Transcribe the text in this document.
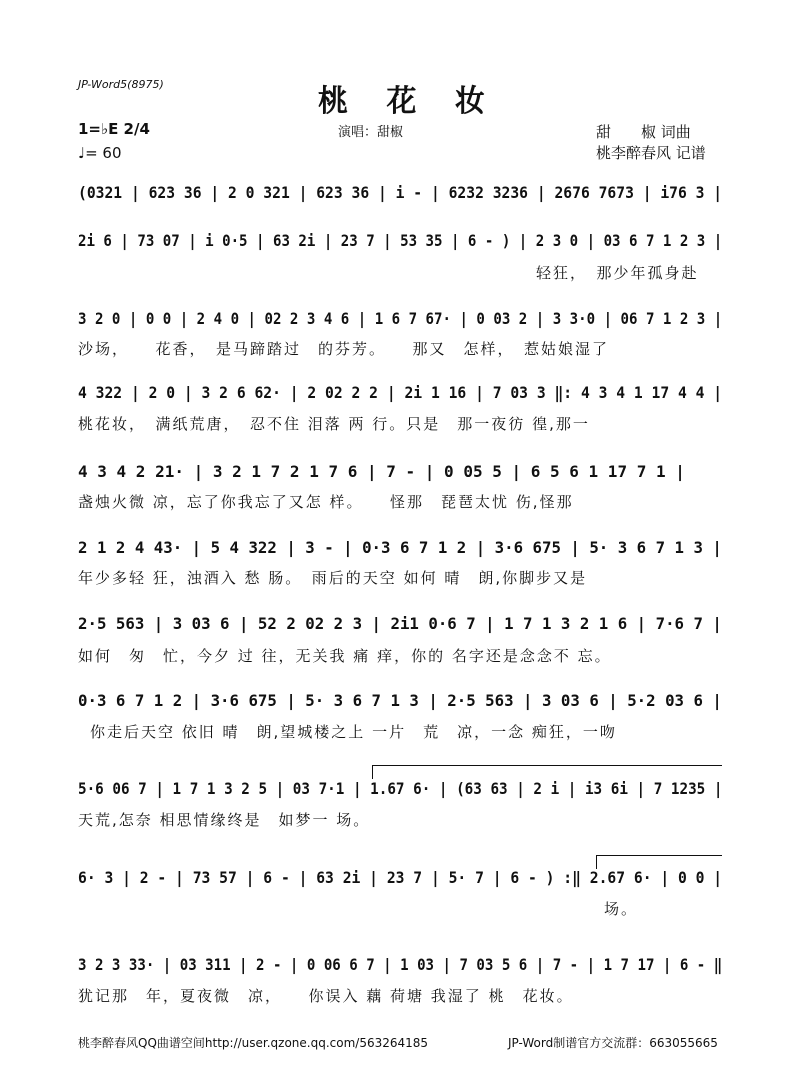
JP-Word5(8975)	桃 花 妆
1=♭E 2/4
♩= 60
演唱：甜椒	甜　　椒 词曲
桃李醉春风 记谱
(0321 | 623 36 | 2 0 321 | 623 36 | i - | 6232 3236 | 2676 7673 | i76 3 |
2i 6 | 73 07 | i 0·5 | 63 2i | 23 7 | 53 35 | 6 - ) | 2 3 0 | 03 6 7 1 2 3 |
轻狂，　那少年孤身赴
3 2 0 | 0 0 | 2 4 0 | 02 2 3 4 6 | 1 6 7 67· | 0 03 2 | 3 3·0 | 06 7 1 2 3 |
沙场，　　花香，　是马蹄踏过　的芬芳。　　那又　怎样，　惹姑娘湿了
4 322 | 2 0 | 3 2 6 62· | 2 02 2 2 | 2i 1 16 | 7 03 3 ‖: 4 3 4 1 17 4 4 |
桃花妆，　满纸荒唐，　忍不住 泪落 两 行。只是　那一夜彷 徨,那一
4 3 4 2 21· | 3 2 1 7 2 1 7 6 | 7 - | 0 05 5 | 6 5 6 1 17 7 1 |
盏烛火微 凉，忘了你我忘了又怎 样。　　怪那　琵琶太忧 伤,怪那
2 1 2 4 43· | 5 4 322 | 3 - | 0·3 6 7 1 2 | 3·6 675 | 5· 3 6 7 1 3 |
年少多轻 狂，浊酒入 愁 肠。　雨后的天空 如何 晴　朗,你脚步又是
2·5 563 | 3 03 6 | 52 2 02 2 3 | 2i1 0·6 7 | 1 7 1 3 2 1 6 | 7·6 7 |
如何　匆　忙，今夕 过 往，无关我 痛 痒，你的 名字还是念念不 忘。
0·3 6 7 1 2 | 3·6 675 | 5· 3 6 7 1 3 | 2·5 563 | 3 03 6 | 5·2 03 6 |
你走后天空 依旧 晴　朗,望城楼之上 一片　荒　凉，一念 痴狂，一吻
5·6 06 7 | 1 7 1 3 2 5 | 03 7·1 | 1.67 6· | (63 63 | 2 i | i3 6i | 7 1235 |
天荒,怎奈 相思情缘终是　如梦一 场。
6· 3 | 2 - | 73 57 | 6 - | 63 2i | 23 7 | 5· 7 | 6 - ) :‖ 2.67 6· | 0 0 |
场。
3 2 3 33· | 03 311 | 2 - | 0 06 6 7 | 1 03 | 7 03 5 6 | 7 - | 1 7 17 | 6 - ‖
犹记那　年，夏夜微　凉，　　你误入 藕 荷塘 我湿了 桃　花妆。
桃李醉春风QQ曲谱空间http://user.qzone.qq.com/563264185	JP-Word制谱官方交流群：663055665
